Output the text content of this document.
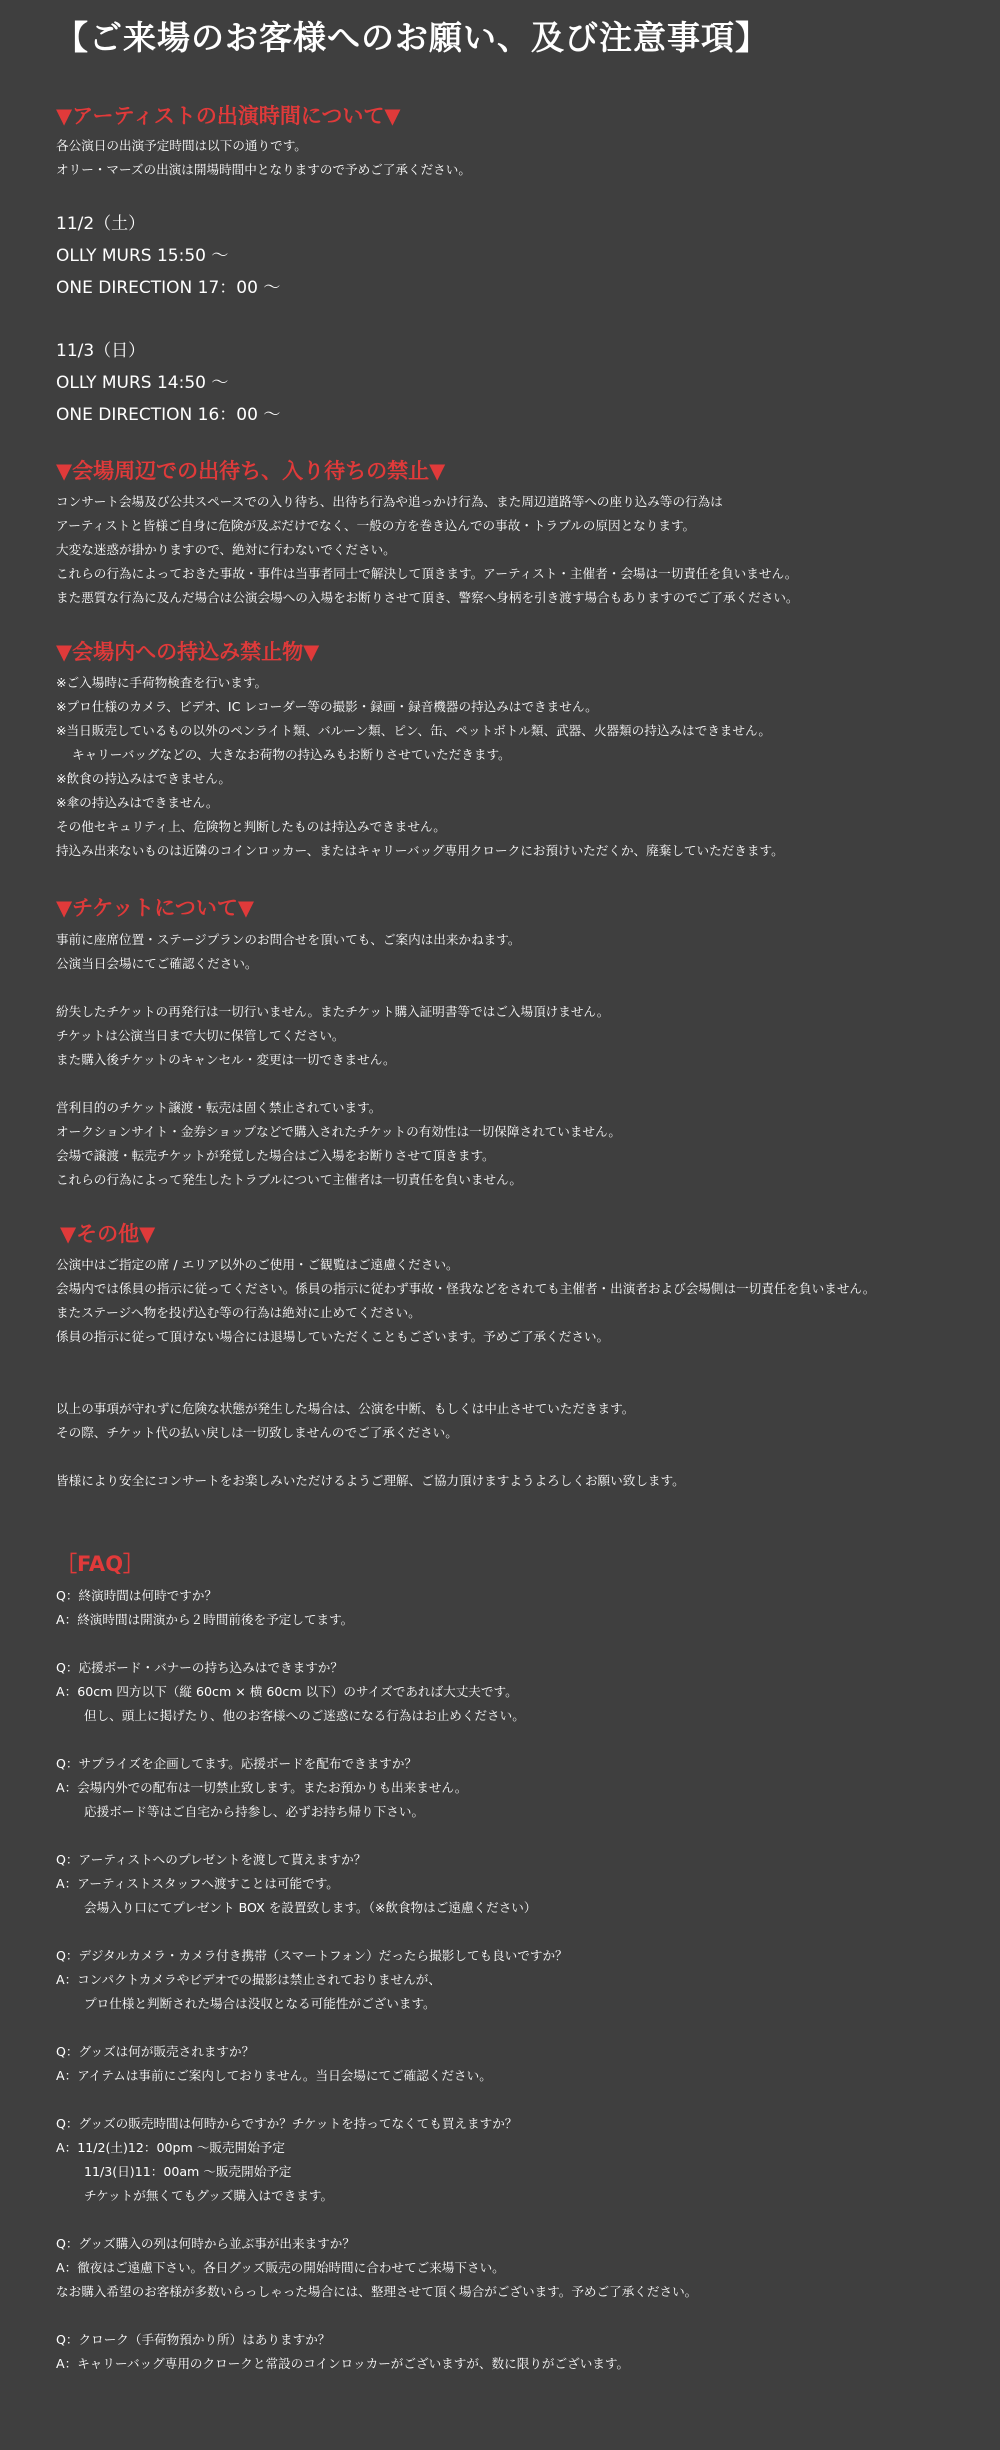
【ご来場のお客様へのお願い、及び注意事項】
▼アーティストの出演時間について▼
各公演日の出演予定時間は以下の通りです。
オリー・マーズの出演は開場時間中となりますので予めご了承ください。
11/2（土）
OLLY MURS 15:50 〜
ONE DIRECTION 17：00 〜
11/3（日）
OLLY MURS 14:50 〜
ONE DIRECTION 16：00 〜
▼会場周辺での出待ち、入り待ちの禁止▼
コンサート会場及び公共スペースでの入り待ち、出待ち行為や追っかけ行為、また周辺道路等への座り込み等の行為は
アーティストと皆様ご自身に危険が及ぶだけでなく、一般の方を巻き込んでの事故・トラブルの原因となります。
大変な迷惑が掛かりますので、絶対に行わないでください。
これらの行為によっておきた事故・事件は当事者同士で解決して頂きます。アーティスト・主催者・会場は一切責任を負いません。
また悪質な行為に及んだ場合は公演会場への入場をお断りさせて頂き、警察へ身柄を引き渡す場合もありますのでご了承ください。
▼会場内への持込み禁止物▼
※ご入場時に手荷物検査を行います。
※プロ仕様のカメラ、ビデオ、IC レコーダー等の撮影・録画・録音機器の持込みはできません。
※当日販売しているもの以外のペンライト類、バルーン類、ピン、缶、ペットボトル類、武器、火器類の持込みはできません。
キャリーバッグなどの、大きなお荷物の持込みもお断りさせていただきます。
※飲食の持込みはできません。
※傘の持込みはできません。
その他セキュリティ上、危険物と判断したものは持込みできません。
持込み出来ないものは近隣のコインロッカー、またはキャリーバッグ専用クロークにお預けいただくか、廃棄していただきます。
▼チケットについて▼
事前に座席位置・ステージプランのお問合せを頂いても、ご案内は出来かねます。
公演当日会場にてご確認ください。
紛失したチケットの再発行は一切行いません。またチケット購入証明書等ではご入場頂けません。
チケットは公演当日まで大切に保管してください。
また購入後チケットのキャンセル・変更は一切できません。
営利目的のチケット譲渡・転売は固く禁止されています。
オークションサイト・金券ショップなどで購入されたチケットの有効性は一切保障されていません。
会場で譲渡・転売チケットが発覚した場合はご入場をお断りさせて頂きます。
これらの行為によって発生したトラブルについて主催者は一切責任を負いません。
▼その他▼
公演中はご指定の席 / エリア以外のご使用・ご観覧はご遠慮ください。
会場内では係員の指示に従ってください。係員の指示に従わず事故・怪我などをされても主催者・出演者および会場側は一切責任を負いません。
またステージへ物を投げ込む等の行為は絶対に止めてください。
係員の指示に従って頂けない場合には退場していただくこともございます。予めご了承ください。
以上の事項が守れずに危険な状態が発生した場合は、公演を中断、もしくは中止させていただきます。
その際、チケット代の払い戻しは一切致しませんのでご了承ください。
皆様により安全にコンサートをお楽しみいただけるようご理解、ご協力頂けますようよろしくお願い致します。
［FAQ］
Q：終演時間は何時ですか？
A：終演時間は開演から２時間前後を予定してます。
Q：応援ボード・バナーの持ち込みはできますか？
A：60cm 四方以下（縦 60cm × 横 60cm 以下）のサイズであれば大丈夫です。
但し、頭上に掲げたり、他のお客様へのご迷惑になる行為はお止めください。
Q：サプライズを企画してます。応援ボードを配布できますか？
A：会場内外での配布は一切禁止致します。またお預かりも出来ません。
応援ボード等はご自宅から持参し、必ずお持ち帰り下さい。
Q：アーティストへのプレゼントを渡して貰えますか？
A：アーティストスタッフへ渡すことは可能です。
会場入り口にてプレゼント BOX を設置致します。（※飲食物はご遠慮ください）
Q：デジタルカメラ・カメラ付き携帯（スマートフォン）だったら撮影しても良いですか？
A：コンパクトカメラやビデオでの撮影は禁止されておりませんが、
プロ仕様と判断された場合は没収となる可能性がございます。
Q：グッズは何が販売されますか？
A：アイテムは事前にご案内しておりません。当日会場にてご確認ください。
Q：グッズの販売時間は何時からですか？チケットを持ってなくても買えますか？
A：11/2(土)12：00pm 〜販売開始予定
11/3(日)11：00am 〜販売開始予定
チケットが無くてもグッズ購入はできます。
Q：グッズ購入の列は何時から並ぶ事が出来ますか？
A：徹夜はご遠慮下さい。各日グッズ販売の開始時間に合わせてご来場下さい。
なお購入希望のお客様が多数いらっしゃった場合には、整理させて頂く場合がございます。予めご了承ください。
Q：クローク（手荷物預かり所）はありますか？
A：キャリーバッグ専用のクロークと常設のコインロッカーがございますが、数に限りがございます。
